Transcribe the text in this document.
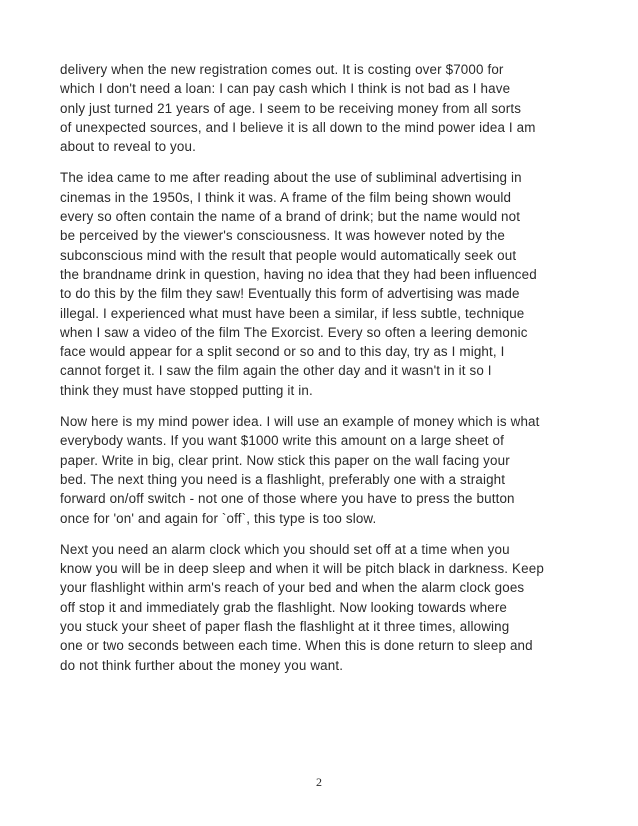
delivery when the new registration comes out. It is costing over $7000 for
which I don't need a loan: I can pay cash which I think is not bad as I have
only just turned 21 years of age. I seem to be receiving money from all sorts
of unexpected sources, and I believe it is all down to the mind power idea I am
about to reveal to you.

The idea came to me after reading about the use of subliminal advertising in
cinemas in the 1950s, I think it was. A frame of the film being shown would
every so often contain the name of a brand of drink; but the name would not
be perceived by the viewer's consciousness. It was however noted by the
subconscious mind with the result that people would automatically seek out
the brandname drink in question, having no idea that they had been influenced
to do this by the film they saw! Eventually this form of advertising was made
illegal. I experienced what must have been a similar, if less subtle, technique
when I saw a video of the film The Exorcist. Every so often a leering demonic
face would appear for a split second or so and to this day, try as I might, I
cannot forget it. I saw the film again the other day and it wasn't in it so I
think they must have stopped putting it in.

Now here is my mind power idea. I will use an example of money which is what
everybody wants. If you want $1000 write this amount on a large sheet of
paper. Write in big, clear print. Now stick this paper on the wall facing your
bed. The next thing you need is a flashlight, preferably one with a straight
forward on/off switch - not one of those where you have to press the button
once for 'on' and again for `off`, this type is too slow.

Next you need an alarm clock which you should set off at a time when you
know you will be in deep sleep and when it will be pitch black in darkness. Keep
your flashlight within arm's reach of your bed and when the alarm clock goes
off stop it and immediately grab the flashlight. Now looking towards where
you stuck your sheet of paper flash the flashlight at it three times, allowing
one or two seconds between each time. When this is done return to sleep and
do not think further about the money you want.

2
